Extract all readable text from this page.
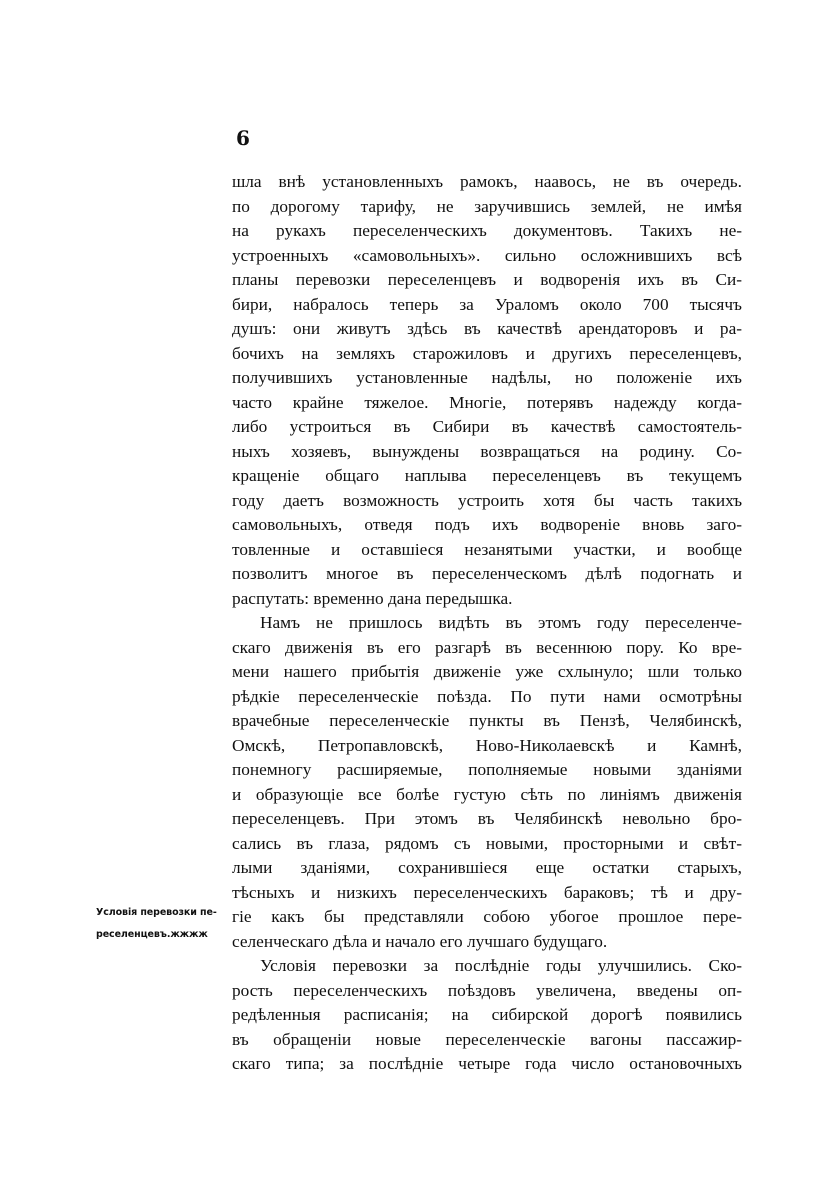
6
Условія перевозки пе-
реселенцевъ.жжжж
шла внѣ установленныхъ рамокъ, наавось, не въ очередь.
по дорогому тарифу, не заручившись землей, не имѣя
на рукахъ переселенческихъ документовъ. Такихъ не-
устроенныхъ «самовольныхъ». сильно осложнившихъ всѣ
планы перевозки переселенцевъ и водворенія ихъ въ Си-
бири, набралось теперь за Ураломъ около 700 тысячъ
душъ: они живутъ здѣсь въ качествѣ арендаторовъ и ра-
бочихъ на земляхъ старожиловъ и другихъ переселенцевъ,
получившихъ установленные надѣлы, но положеніе ихъ
часто крайне тяжелое. Многіе, потерявъ надежду когда-
либо устроиться въ Сибири въ качествѣ самостоятель-
ныхъ хозяевъ, вынуждены возвращаться на родину. Со-
кращеніе общаго наплыва переселенцевъ въ текущемъ
году даетъ возможность устроить хотя бы часть такихъ
самовольныхъ, отведя подъ ихъ водвореніе вновь заго-
товленные и оставшіеся незанятыми участки, и вообще
позволитъ многое въ переселенческомъ дѣлѣ подогнать и
распутать: временно дана передышка.
Намъ не пришлось видѣть въ этомъ году переселенче-
скаго движенія въ его разгарѣ въ весеннюю пору. Ко вре-
мени нашего прибытія движеніе уже схлынуло; шли только
рѣдкіе переселенческіе поѣзда. По пути нами осмотрѣны
врачебные переселенческіе пункты въ Пензѣ, Челябинскѣ,
Омскѣ, Петропавловскѣ, Ново-Николаевскѣ и Камнѣ,
понемногу расширяемые, пополняемые новыми зданіями
и образующіе все болѣе густую сѣть по линіямъ движенія
переселенцевъ. При этомъ въ Челябинскѣ невольно бро-
сались въ глаза, рядомъ съ новыми, просторными и свѣт-
лыми зданіями, сохранившіеся еще остатки старыхъ,
тѣсныхъ и низкихъ переселенческихъ бараковъ; тѣ и дру-
гіе какъ бы представляли собою убогое прошлое пере-
селенческаго дѣла и начало его лучшаго будущаго.
Условія перевозки за послѣдніе годы улучшились. Ско-
рость переселенческихъ поѣздовъ увеличена, введены оп-
редѣленныя расписанія; на сибирской дорогѣ появились
въ обращеніи новые переселенческіе вагоны пассажир-
скаго типа; за послѣдніе четыре года число остановочныхъ
